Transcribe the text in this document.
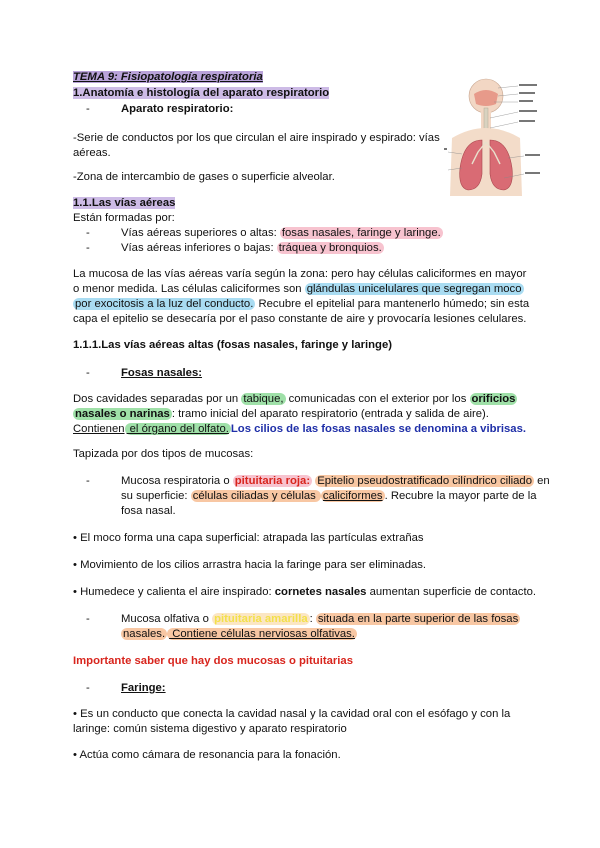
TEMA 9: Fisiopatología respiratoria
1.Anatomía e histología del aparato respiratorio
-	Aparato respiratorio:
-Serie de conductos por los que circulan el aire inspirado y espirado: vías
aéreas.
-Zona de intercambio de gases o superficie alveolar.
1.1.Las vías aéreas
Están formadas por:
-	Vías aéreas superiores o altas: fosas nasales, faringe y laringe.
-	Vías aéreas inferiores o bajas: tráquea y bronquios.
La mucosa de las vías aéreas varía según la zona: pero hay células caliciformes en mayor
o menor medida. Las células caliciformes son glándulas unicelulares que segregan moco
por exocitosis a la luz del conducto. Recubre el epitelial para mantenerlo húmedo; sin esta
capa el epitelio se desecaría por el paso constante de aire y provocaría lesiones celulares.
1.1.1.Las vías aéreas altas (fosas nasales, faringe y laringe)
-	Fosas nasales:
Dos cavidades separadas por un tabique, comunicadas con el exterior por los orificios
nasales o narinas : tramo inicial del aparato respiratorio (entrada y salida de aire).
Contienen el órgano del olfato. Los cilios de las fosas nasales se denomina a vibrisas.
Tapizada por dos tipos de mucosas:
-	Mucosa respiratoria o pituitaria roja: Epitelio pseudostratificado cilíndrico ciliado en
su superficie: células ciliadas y células caliciformes . Recubre la mayor parte de la
fosa nasal.
• El moco forma una capa superficial: atrapada las partículas extrañas
• Movimiento de los cilios arrastra hacia la faringe para ser eliminadas.
• Humedece y calienta el aire inspirado: cornetes nasales aumentan superficie de contacto.
-	Mucosa olfativa o pituitaria amarilla : situada en la parte superior de las fosas
nasales. Contiene células nerviosas olfativas.
Importante saber que hay dos mucosas o pituitarias
-	Faringe:
• Es un conducto que conecta la cavidad nasal y la cavidad oral con el esófago y con la
laringe: común sistema digestivo y aparato respiratorio
• Actúa como cámara de resonancia para la fonación.
